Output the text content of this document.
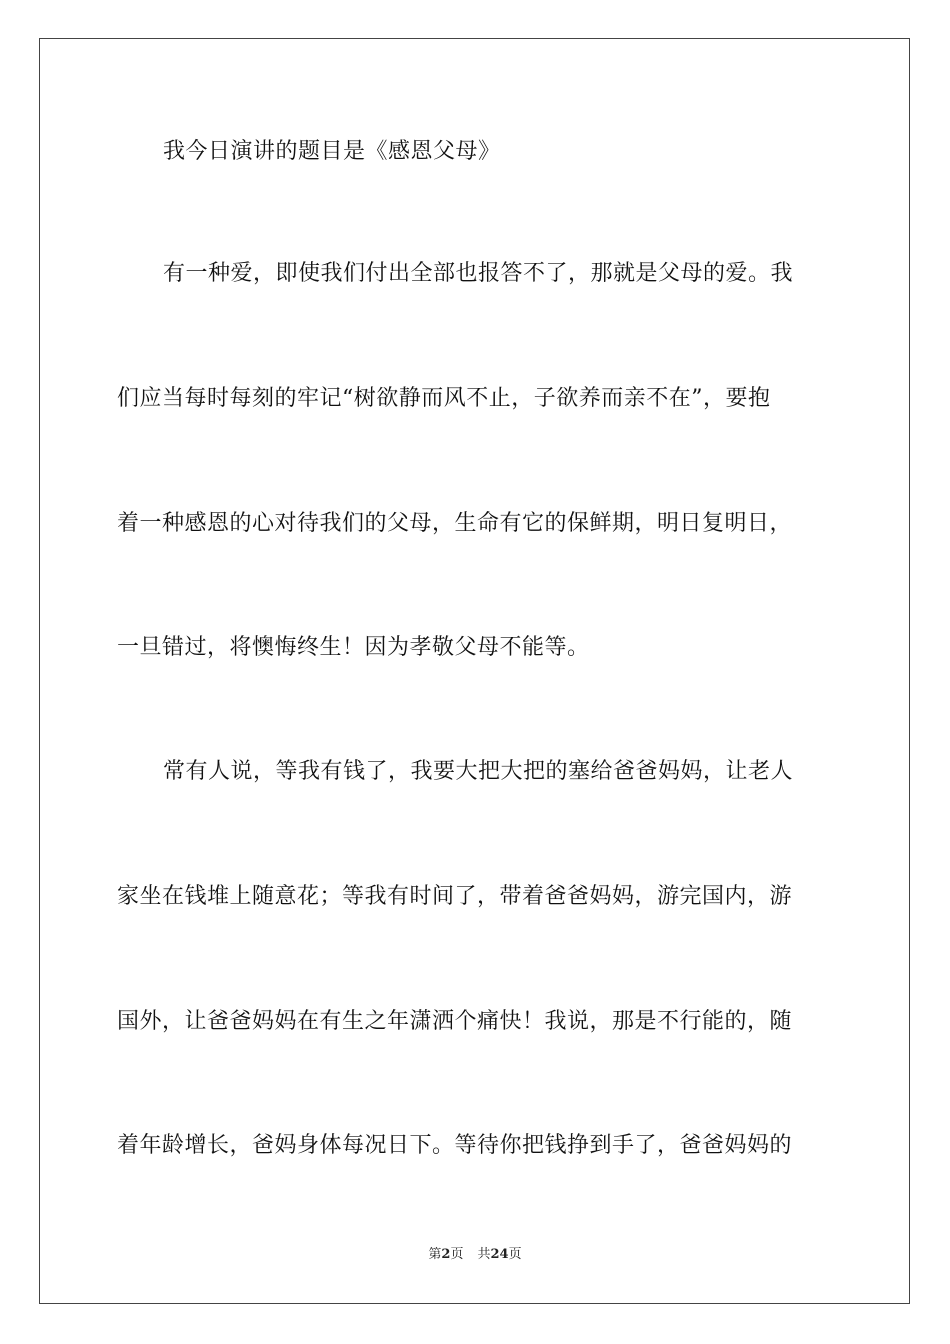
我今日演讲的题目是《感恩父母》
有一种爱，即使我们付出全部也报答不了，那就是父母的爱。我
们应当每时每刻的牢记“树欲静而风不止，子欲养而亲不在”，要抱
着一种感恩的心对待我们的父母，生命有它的保鲜期，明日复明日，
一旦错过，将懊悔终生！因为孝敬父母不能等。
常有人说，等我有钱了，我要大把大把的塞给爸爸妈妈，让老人
家坐在钱堆上随意花；等我有时间了，带着爸爸妈妈，游完国内，游
国外，让爸爸妈妈在有生之年潇洒个痛快！我说，那是不行能的，随
着年龄增长，爸妈身体每况日下。等待你把钱挣到手了，爸爸妈妈的
第2页 共24页
